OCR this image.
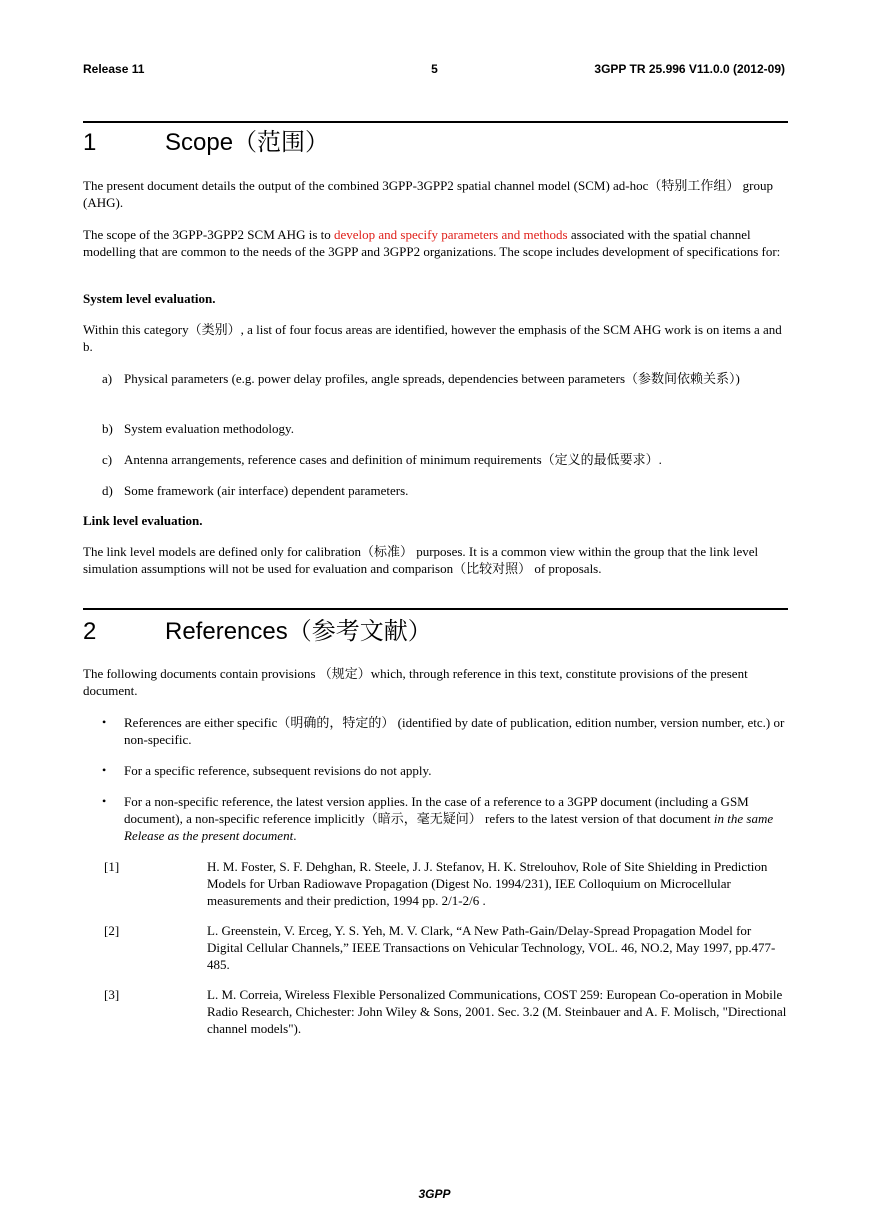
Release 11	5	3GPP TR 25.996 V11.0.0 (2012-09)
1	Scope（范围）
The present document details the output of the combined 3GPP-3GPP2 spatial channel model (SCM) ad-hoc（特别工作组） group (AHG).
The scope of the 3GPP-3GPP2 SCM AHG is to develop and specify parameters and methods associated with the spatial channel modelling that are common to the needs of the 3GPP and 3GPP2 organizations. The scope includes development of specifications for:
System level evaluation.
Within this category（类别）, a list of four focus areas are identified, however the emphasis of the SCM AHG work is on items a and b.
a) Physical parameters (e.g. power delay profiles, angle spreads, dependencies between parameters（参数间依赖关系）)
b) System evaluation methodology.
c) Antenna arrangements, reference cases and definition of minimum requirements（定义的最低要求）.
d) Some framework (air interface) dependent parameters.
Link level evaluation.
The link level models are defined only for calibration（标准） purposes. It is a common view within the group that the link level simulation assumptions will not be used for evaluation and comparison（比较对照） of proposals.
2	References（参考文献）
The following documents contain provisions （规定）which, through reference in this text, constitute provisions of the present document.
• References are either specific（明确的，特定的） (identified by date of publication, edition number, version number, etc.) or non-specific.
• For a specific reference, subsequent revisions do not apply.
• For a non-specific reference, the latest version applies. In the case of a reference to a 3GPP document (including a GSM document), a non-specific reference implicitly（暗示，毫无疑问） refers to the latest version of that document in the same Release as the present document.
[1]	H. M. Foster, S. F. Dehghan, R. Steele, J. J. Stefanov, H. K. Strelouhov, Role of Site Shielding in Prediction Models for Urban Radiowave Propagation (Digest No. 1994/231), IEE Colloquium on Microcellular measurements and their prediction, 1994 pp. 2/1-2/6 .
[2]	L. Greenstein, V. Erceg, Y. S. Yeh, M. V. Clark, “A New Path-Gain/Delay-Spread Propagation Model for Digital Cellular Channels,” IEEE Transactions on Vehicular Technology, VOL. 46, NO.2, May 1997, pp.477-485.
[3]	L. M. Correia, Wireless Flexible Personalized Communications, COST 259: European Co-operation in Mobile Radio Research, Chichester: John Wiley & Sons, 2001. Sec. 3.2 (M. Steinbauer and A. F. Molisch, "Directional channel models").
3GPP
